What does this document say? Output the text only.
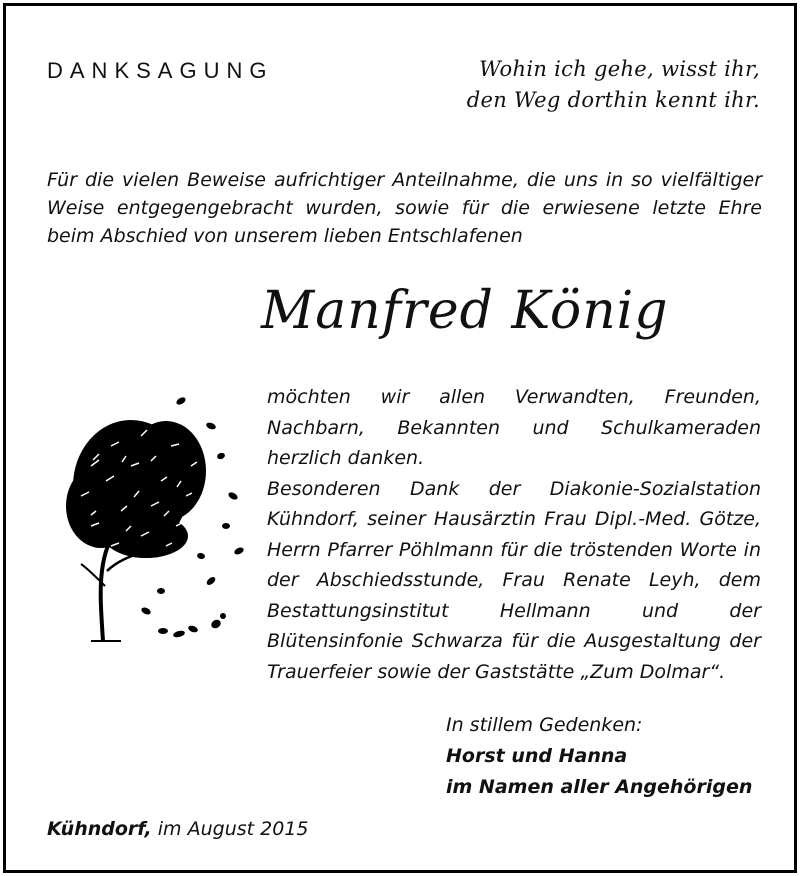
DANKSAGUNG	Wohin ich gehe, wisst ihr,
den Weg dorthin kennt ihr.
Für die vielen Beweise aufrichtiger Anteilnahme, die uns in so vielfältiger Weise entgegengebracht wurden, sowie für die erwiesene letzte Ehre beim Abschied von unserem lieben Entschlafenen
Manfred König

möchten wir allen Verwandten, Freunden, Nachbarn, Bekannten und Schulkameraden herzlich danken.

Besonderen Dank der Diakonie-Sozialstation Kühndorf, seiner Hausärztin Frau Dipl.-Med. Götze, Herrn Pfarrer Pöhlmann für die tröstenden Worte in der Abschiedsstunde, Frau Renate Leyh, dem Bestattungsinstitut Hellmann und der Blütensinfonie Schwarza für die Ausgestaltung der Trauerfeier sowie der Gaststätte „Zum Dolmar“.

In stillem Gedenken:
Horst und Hanna
im Namen aller Angehörigen
Kühndorf, im August 2015
